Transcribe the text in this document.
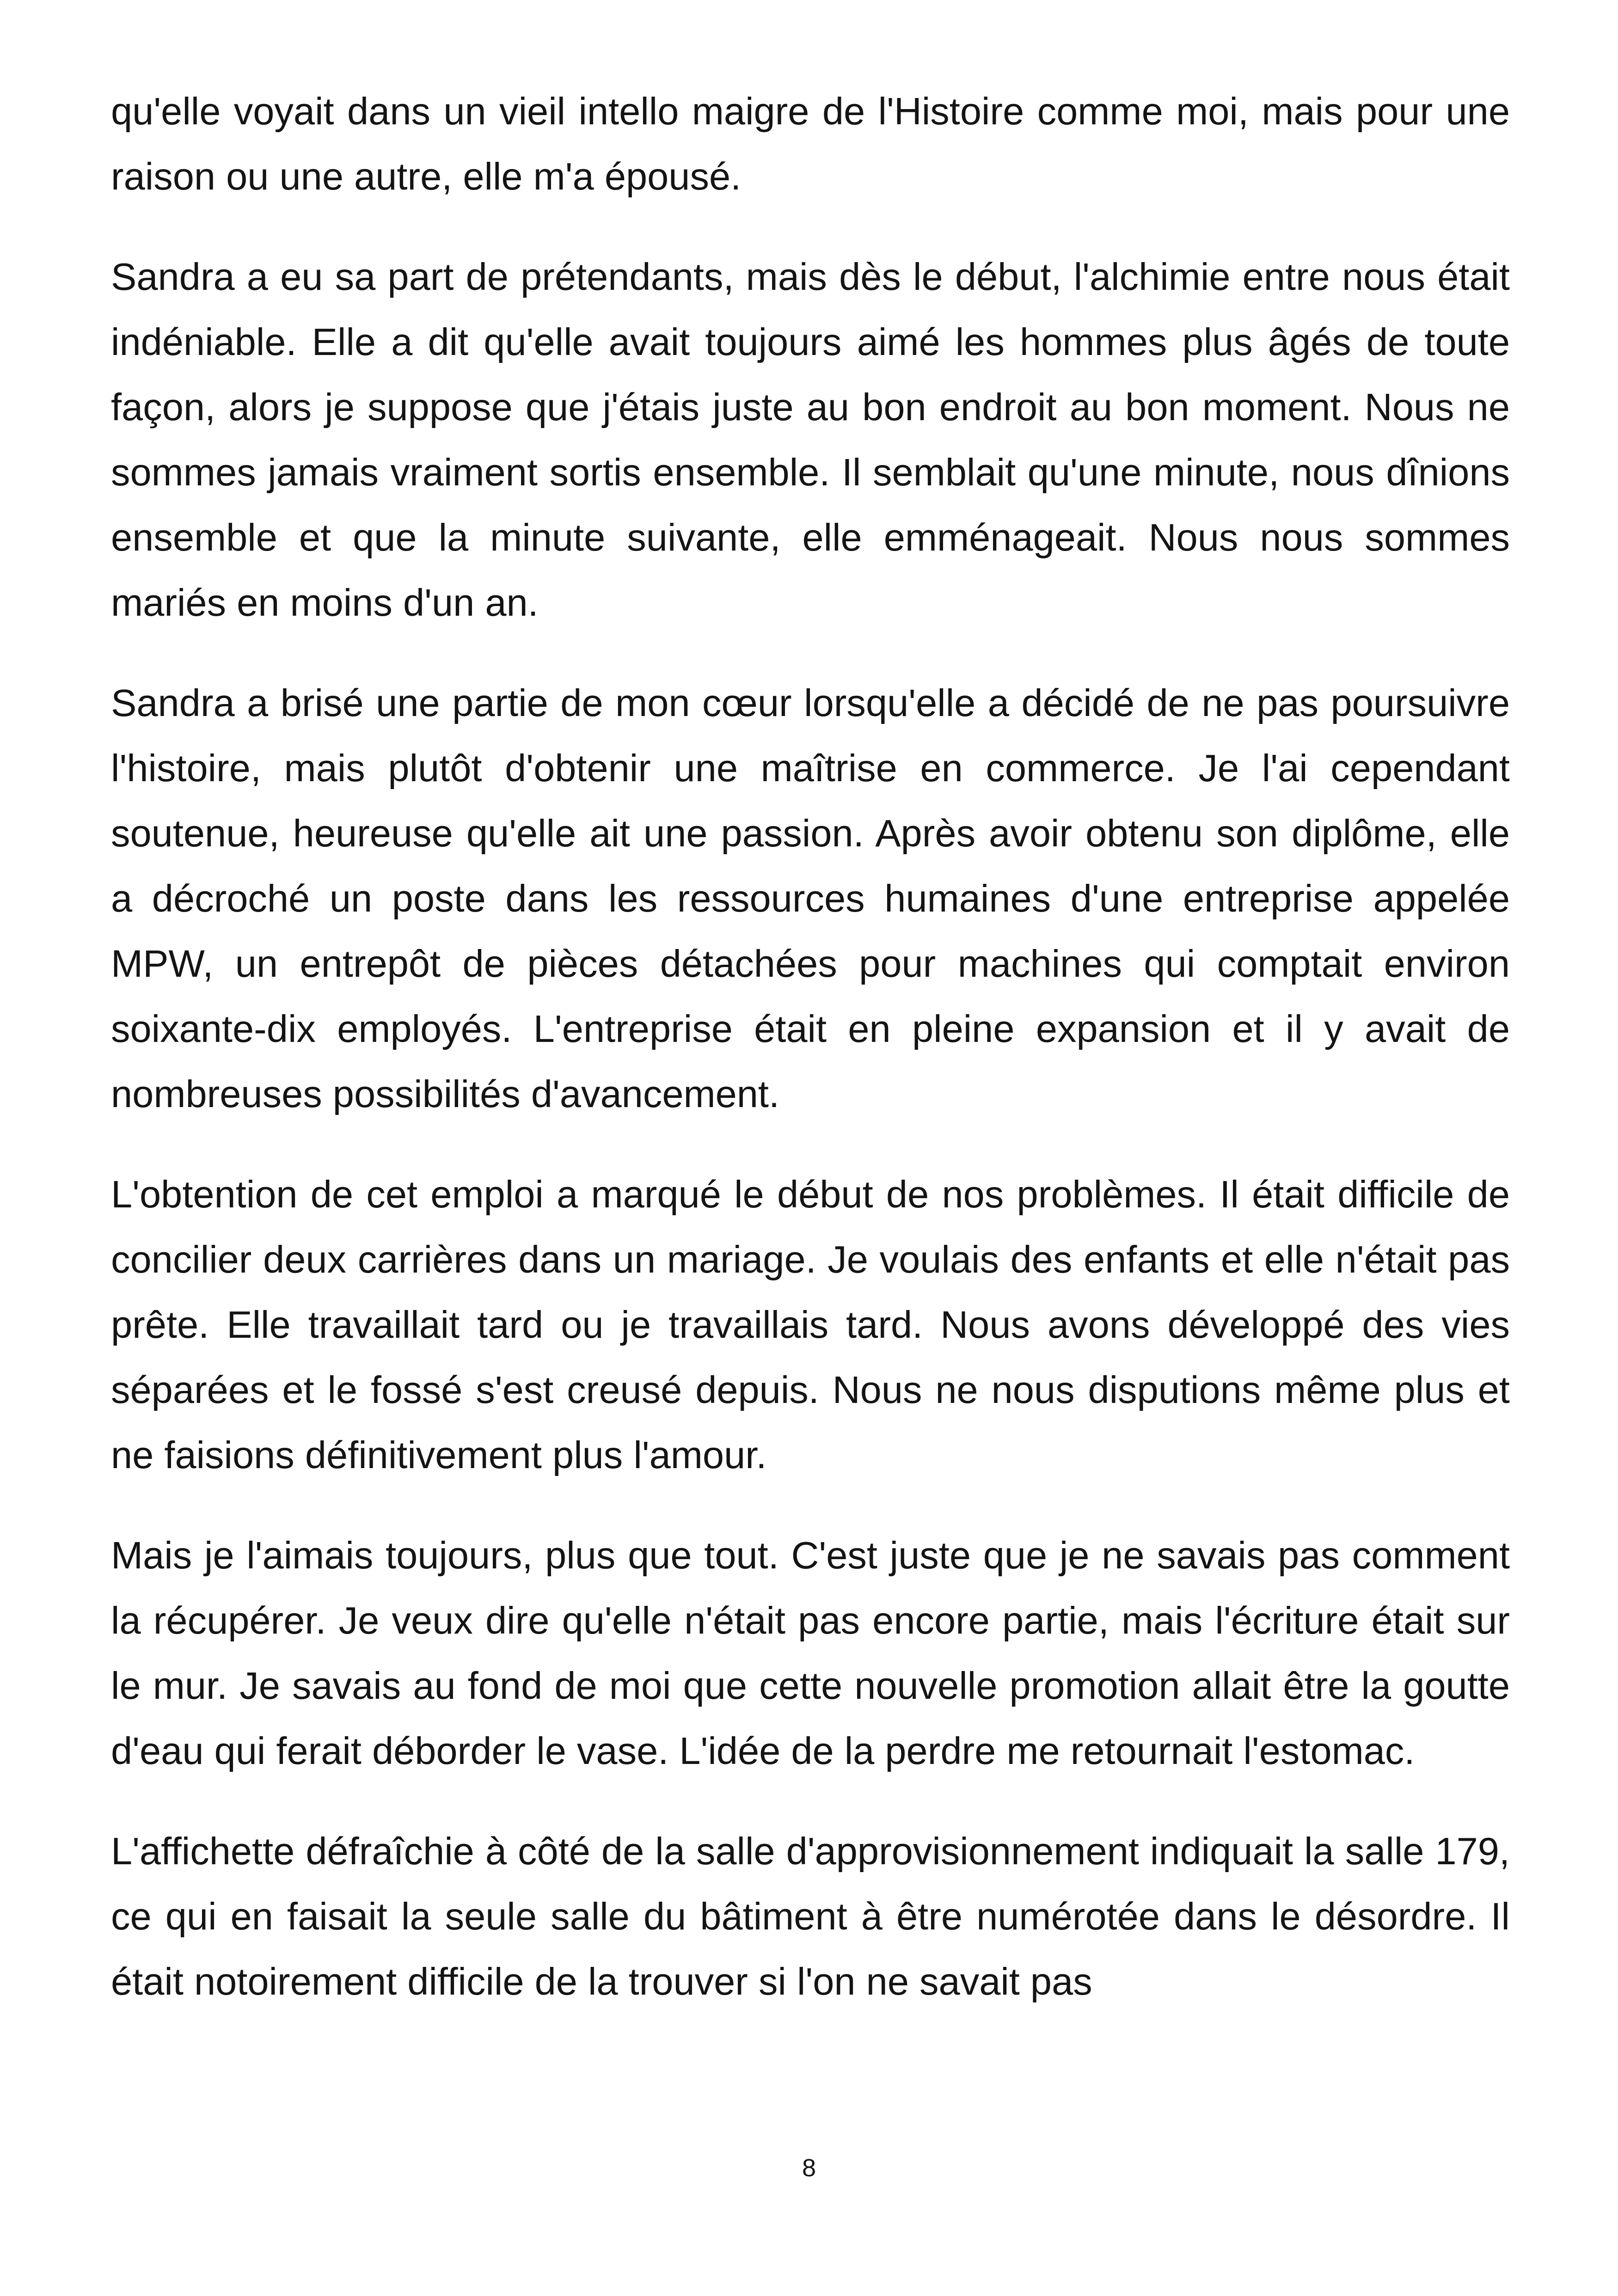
qu'elle voyait dans un vieil intello maigre de l'Histoire comme moi, mais pour une raison ou une autre, elle m'a épousé.

Sandra a eu sa part de prétendants, mais dès le début, l'alchimie entre nous était indéniable. Elle a dit qu'elle avait toujours aimé les hommes plus âgés de toute façon, alors je suppose que j'étais juste au bon endroit au bon moment. Nous ne sommes jamais vraiment sortis ensemble. Il semblait qu'une minute, nous dînions ensemble et que la minute suivante, elle emménageait. Nous nous sommes mariés en moins d'un an.

Sandra a brisé une partie de mon cœur lorsqu'elle a décidé de ne pas poursuivre l'histoire, mais plutôt d'obtenir une maîtrise en commerce. Je l'ai cependant soutenue, heureuse qu'elle ait une passion. Après avoir obtenu son diplôme, elle a décroché un poste dans les ressources humaines d'une entreprise appelée MPW, un entrepôt de pièces détachées pour machines qui comptait environ soixante-dix employés. L'entreprise était en pleine expansion et il y avait de nombreuses possibilités d'avancement.

L'obtention de cet emploi a marqué le début de nos problèmes. Il était difficile de concilier deux carrières dans un mariage. Je voulais des enfants et elle n'était pas prête. Elle travaillait tard ou je travaillais tard. Nous avons développé des vies séparées et le fossé s'est creusé depuis. Nous ne nous disputions même plus et ne faisions définitivement plus l'amour.

Mais je l'aimais toujours, plus que tout. C'est juste que je ne savais pas comment la récupérer. Je veux dire qu'elle n'était pas encore partie, mais l'écriture était sur le mur. Je savais au fond de moi que cette nouvelle promotion allait être la goutte d'eau qui ferait déborder le vase. L'idée de la perdre me retournait l'estomac.

L'affichette défraîchie à côté de la salle d'approvisionnement indiquait la salle 179, ce qui en faisait la seule salle du bâtiment à être numérotée dans le désordre. Il était notoirement difficile de la trouver si l'on ne savait pas

8
